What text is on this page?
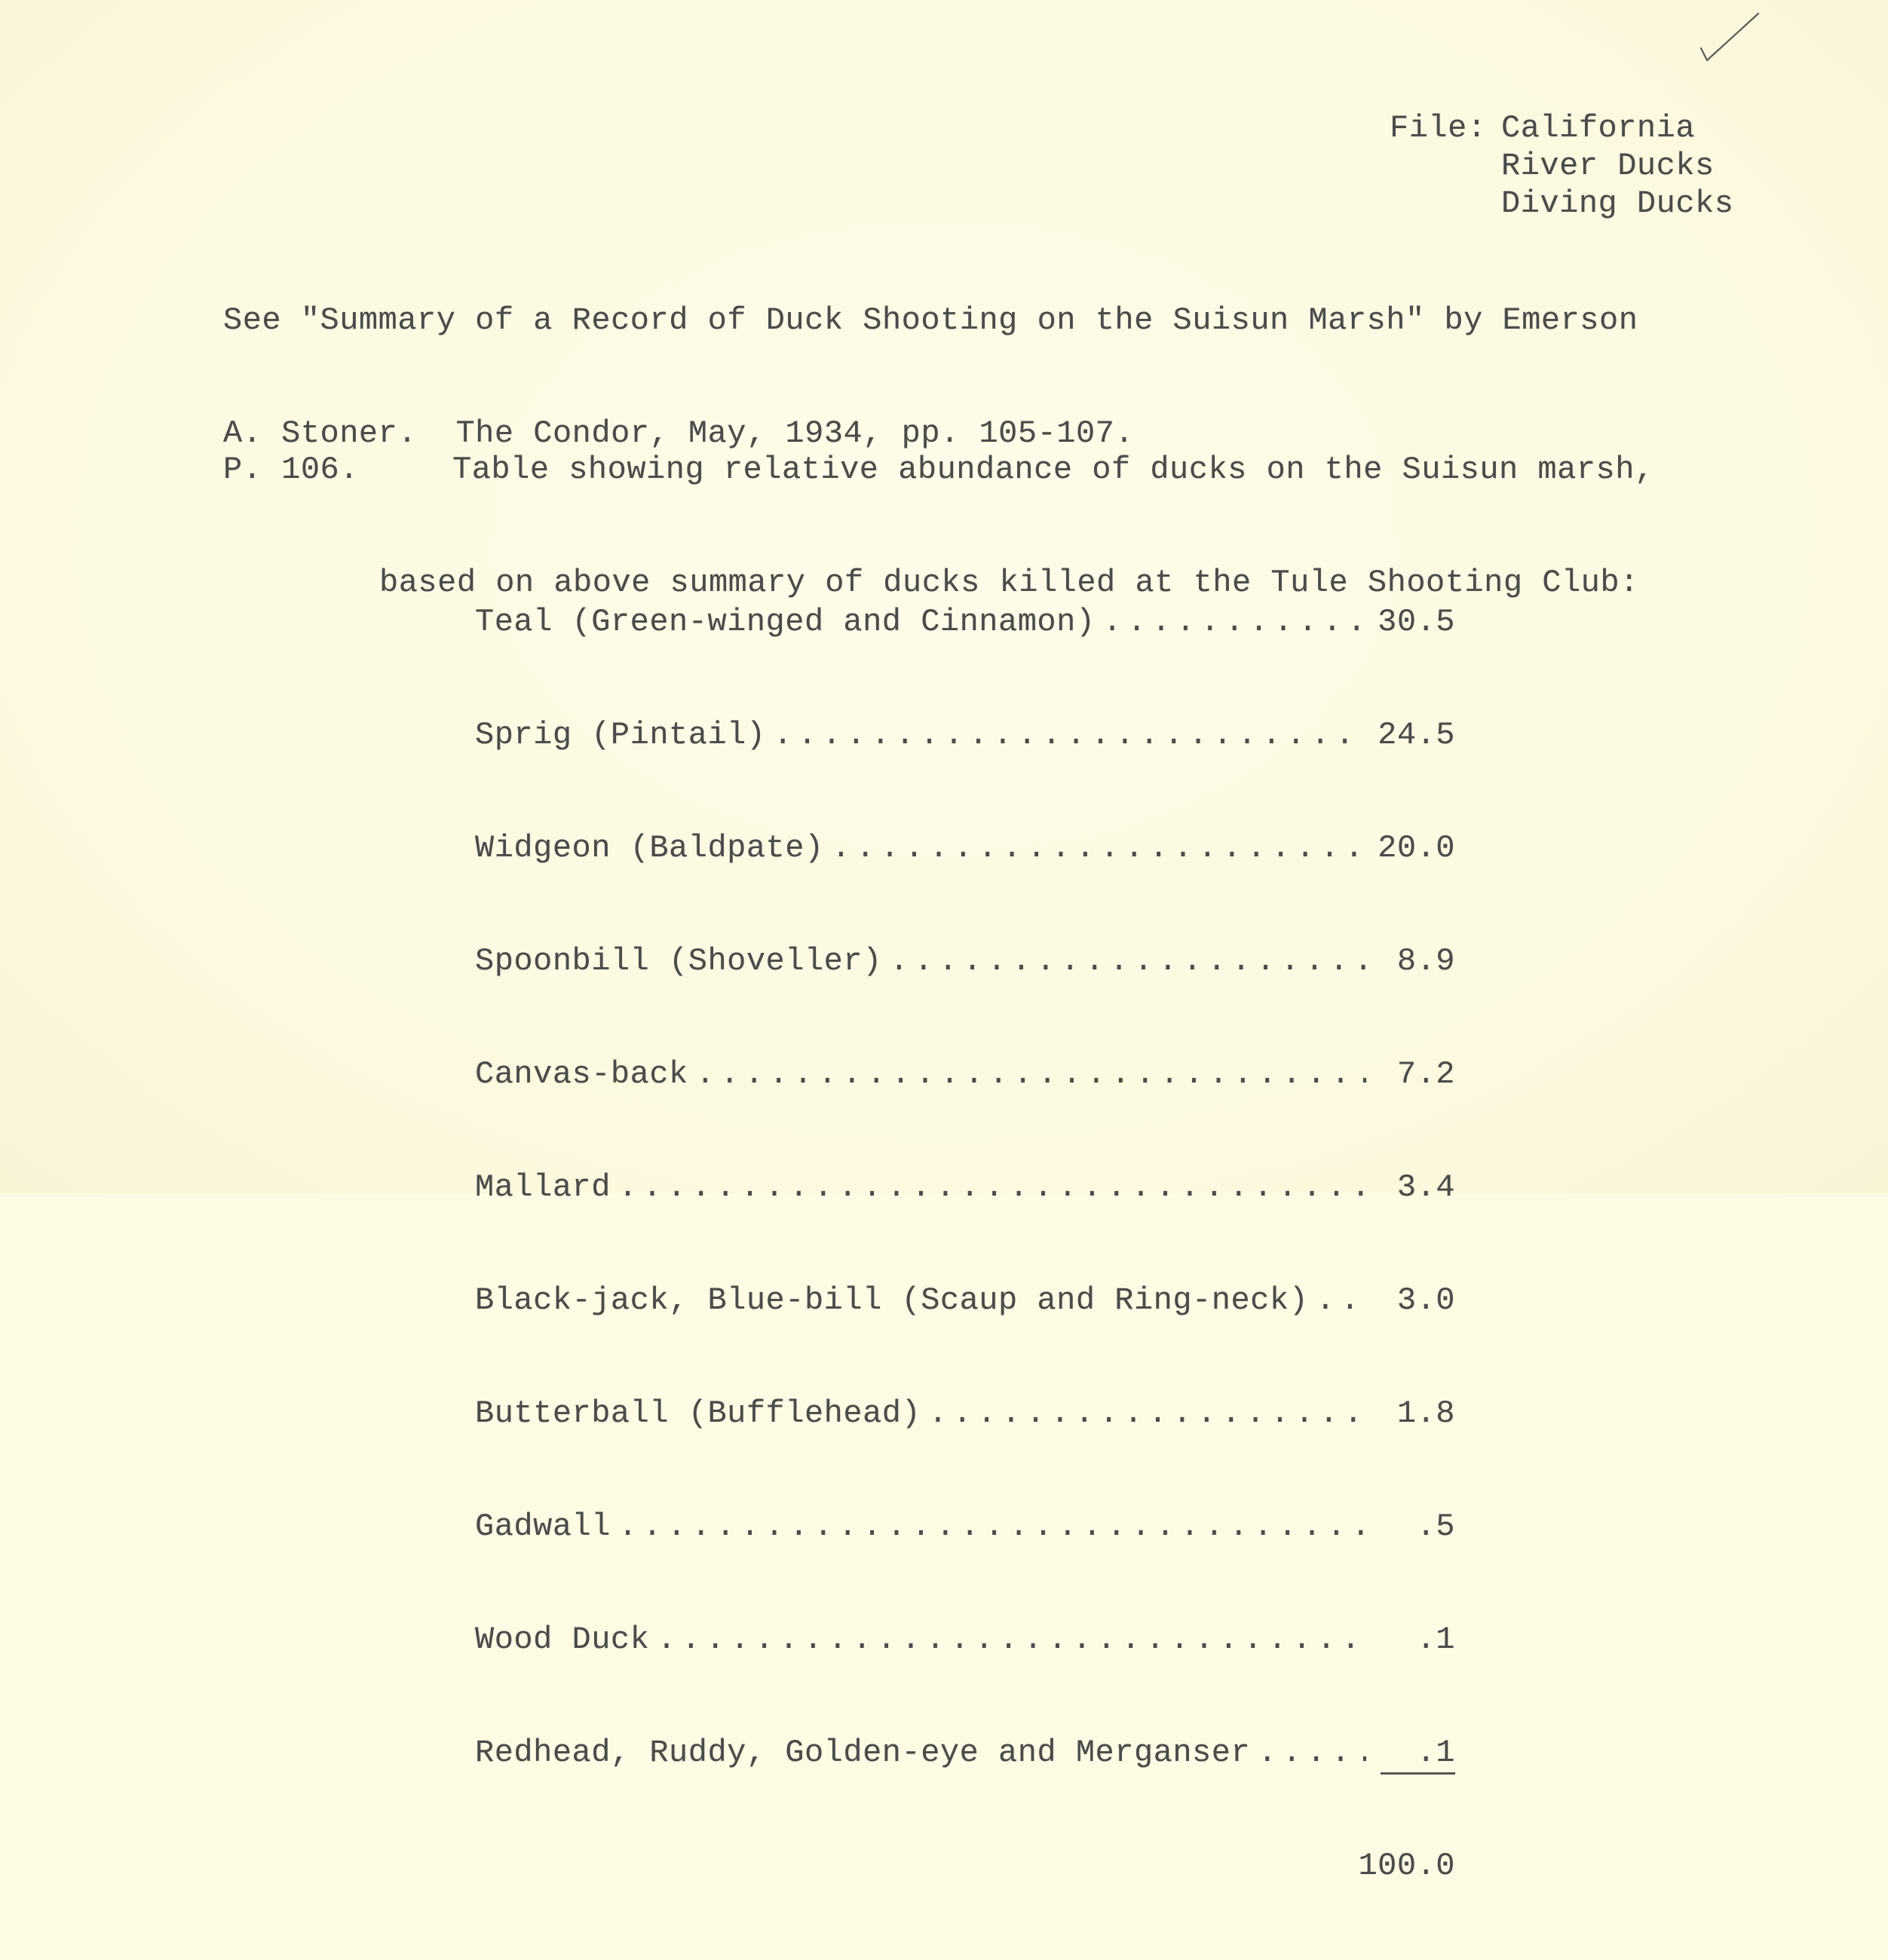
File: California
River Ducks
Diving Ducks

See "Summary of a Record of Duck Shooting on the Suisun Marsh" by Emerson

A. Stoner.  The Condor, May, 1934, pp. 105-107.

P. 106.	Table showing relative abundance of ducks on the Suisun marsh,

based on above summary of ducks killed at the Tule Shooting Club:

Teal (Green-winged and Cinnamon) . . .	30.5

Sprig (Pintail) . . .	24.5

Widgeon (Baldpate) . . .	20.0

Spoonbill (Shoveller) . . .	8.9

Canvas-back . . .	7.2

Mallard . . .	3.4

Black-jack, Blue-bill (Scaup and Ring-neck) . . .	3.0

Butterball (Bufflehead) . . .	1.8

Gadwall . . .	.5

Wood Duck . . .	.1

Redhead, Ruddy, Golden-eye and Merganser . . .	.1

100.0
